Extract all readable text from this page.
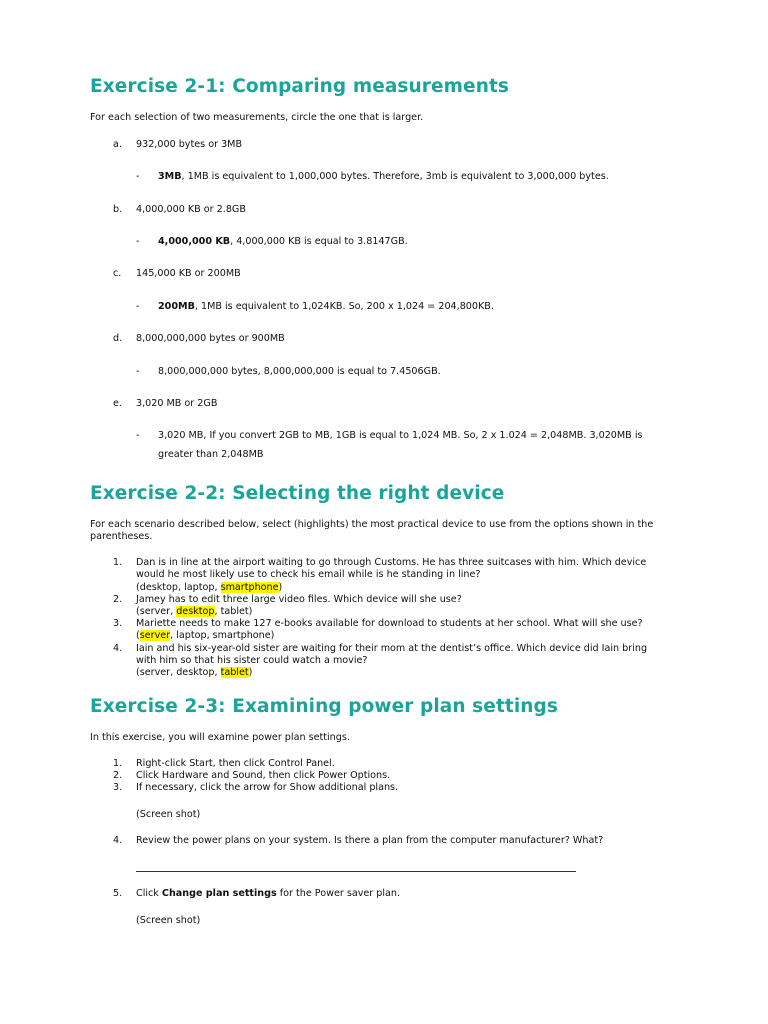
Exercise 2-1: Comparing measurements
For each selection of two measurements, circle the one that is larger.
a. 932,000 bytes or 3MB
- 3MB, 1MB is equivalent to 1,000,000 bytes. Therefore, 3mb is equivalent to 3,000,000 bytes.
b. 4,000,000 KB or 2.8GB
- 4,000,000 KB, 4,000,000 KB is equal to 3.8147GB.
c. 145,000 KB or 200MB
- 200MB, 1MB is equivalent to 1,024KB. So, 200 x 1,024 = 204,800KB.
d. 8,000,000,000 bytes or 900MB
- 8,000,000,000 bytes, 8,000,000,000 is equal to 7.4506GB.
e. 3,020 MB or 2GB
- 3,020 MB, If you convert 2GB to MB, 1GB is equal to 1,024 MB. So, 2 x 1.024 = 2,048MB. 3,020MB is
greater than 2,048MB
Exercise 2-2: Selecting the right device
For each scenario described below, select (highlights) the most practical device to use from the options shown in the
parentheses.
1. Dan is in line at the airport waiting to go through Customs. He has three suitcases with him. Which device
would he most likely use to check his email while is he standing in line?
(desktop, laptop, smartphone)
2. Jamey has to edit three large video files. Which device will she use?
(server, desktop, tablet)
3. Mariette needs to make 127 e-books available for download to students at her school. What will she use?
(server, laptop, smartphone)
4. Iain and his six-year-old sister are waiting for their mom at the dentist’s office. Which device did Iain bring
with him so that his sister could watch a movie?
(server, desktop, tablet)
Exercise 2-3: Examining power plan settings
In this exercise, you will examine power plan settings.
1. Right-click Start, then click Control Panel.
2. Click Hardware and Sound, then click Power Options.
3. If necessary, click the arrow for Show additional plans.
(Screen shot)
4. Review the power plans on your system. Is there a plan from the computer manufacturer? What?
5. Click Change plan settings for the Power saver plan.
(Screen shot)
